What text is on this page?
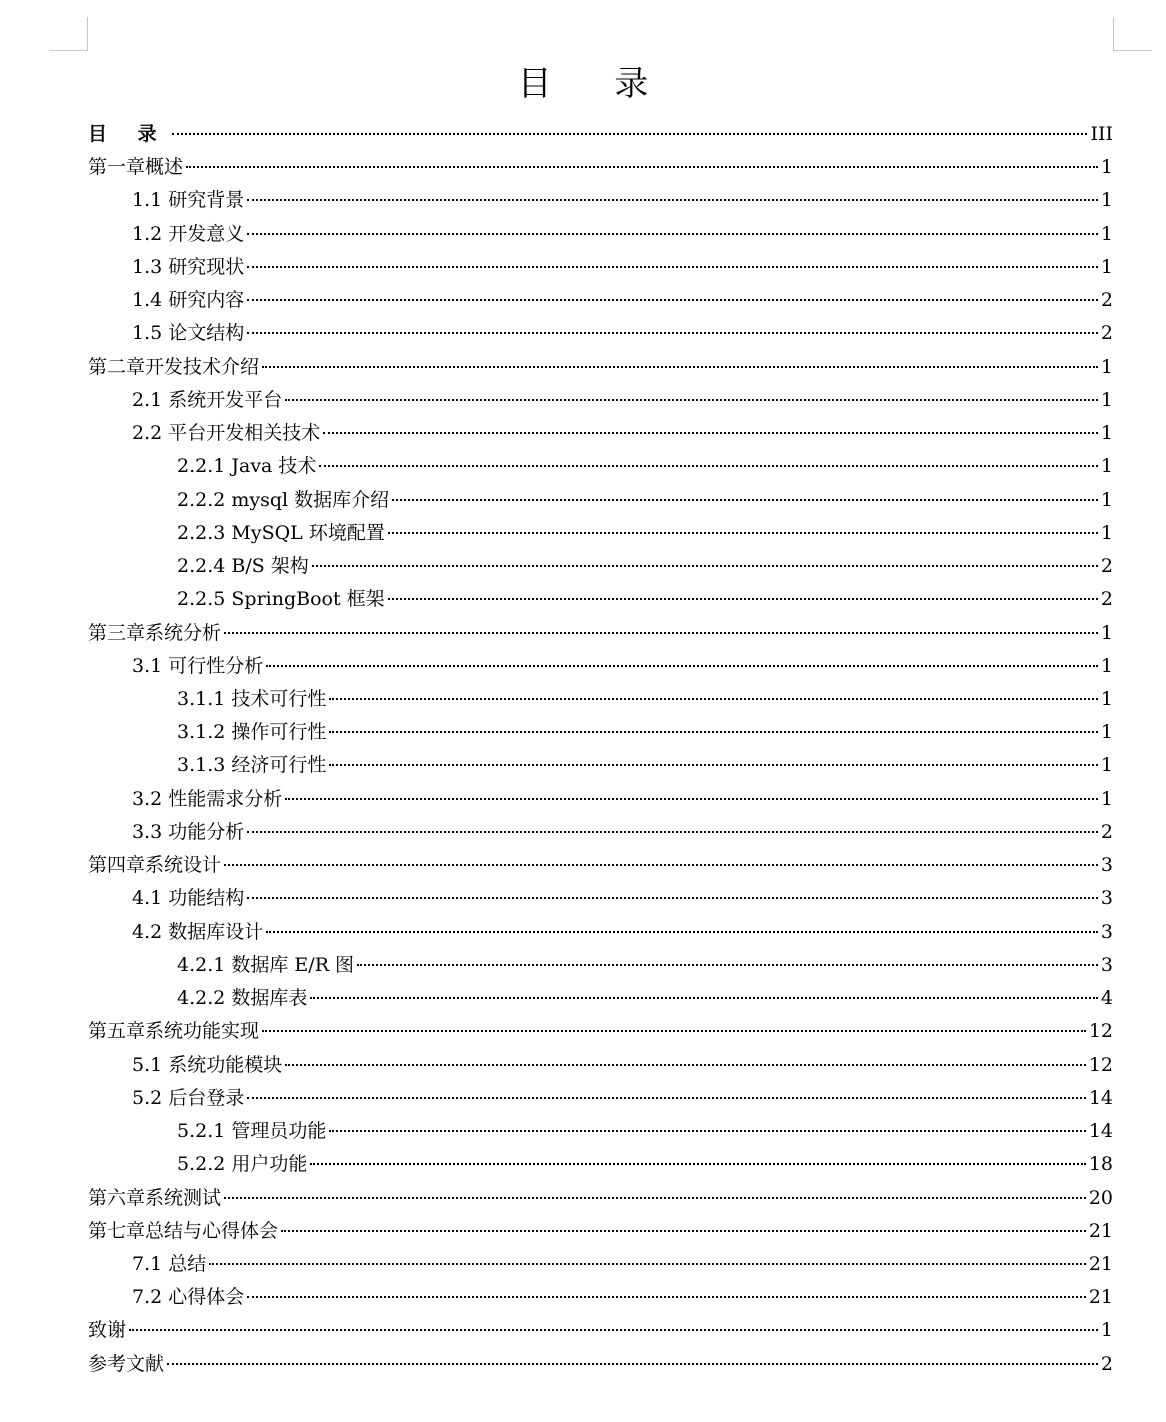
目 录
目 录	III
第一章概述	1
1.1 研究背景	1
1.2 开发意义	1
1.3 研究现状	1
1.4 研究内容	2
1.5 论文结构	2
第二章开发技术介绍	1
2.1 系统开发平台	1
2.2 平台开发相关技术	1
2.2.1 Java 技术	1
2.2.2 mysql 数据库介绍	1
2.2.3 MySQL 环境配置	1
2.2.4 B/S 架构	2
2.2.5 SpringBoot 框架	2
第三章系统分析	1
3.1 可行性分析	1
3.1.1 技术可行性	1
3.1.2 操作可行性	1
3.1.3 经济可行性	1
3.2 性能需求分析	1
3.3 功能分析	2
第四章系统设计	3
4.1 功能结构	3
4.2 数据库设计	3
4.2.1 数据库 E/R 图	3
4.2.2 数据库表	4
第五章系统功能实现	12
5.1 系统功能模块	12
5.2 后台登录	14
5.2.1 管理员功能	14
5.2.2 用户功能	18
第六章系统测试	20
第七章总结与心得体会	21
7.1 总结	21
7.2 心得体会	21
致谢	1
参考文献	2
